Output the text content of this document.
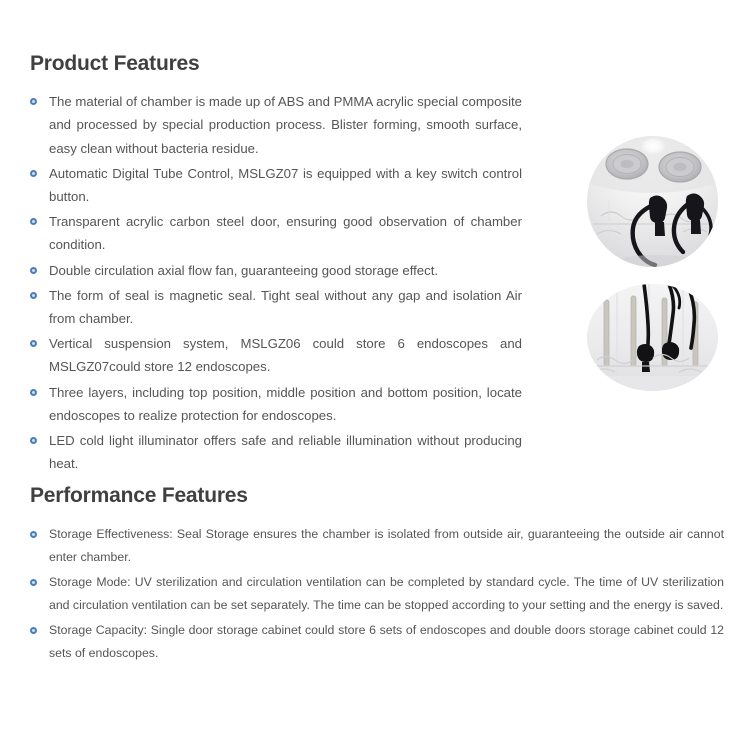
Product Features
The material of chamber is made up of ABS and PMMA acrylic special composite and processed by special production process. Blister forming, smooth surface, easy clean without bacteria residue.
Automatic Digital Tube Control, MSLGZ07 is equipped with a key switch control button.
Transparent acrylic carbon steel door, ensuring good observation of chamber condition.
Double circulation axial flow fan, guaranteeing good storage effect.
The form of seal is magnetic seal. Tight seal without any gap and isolation Air from chamber.
Vertical suspension system, MSLGZ06 could store 6 endoscopes and MSLGZ07could store 12 endoscopes.
Three layers, including top position, middle position and bottom position, locate endoscopes to realize protection for endoscopes.
LED cold light illuminator offers safe and reliable illumination without producing heat.
Performance Features
Storage Effectiveness: Seal Storage ensures the chamber is isolated from outside air, guaranteeing the outside air cannot enter chamber.
Storage Mode: UV sterilization and circulation ventilation can be completed by standard cycle. The time of UV sterilization and circulation ventilation can be set separately. The time can be stopped according to your setting and the energy is saved.
Storage Capacity: Single door storage cabinet could store 6 sets of endoscopes and double doors storage cabinet could 12 sets of endoscopes.
